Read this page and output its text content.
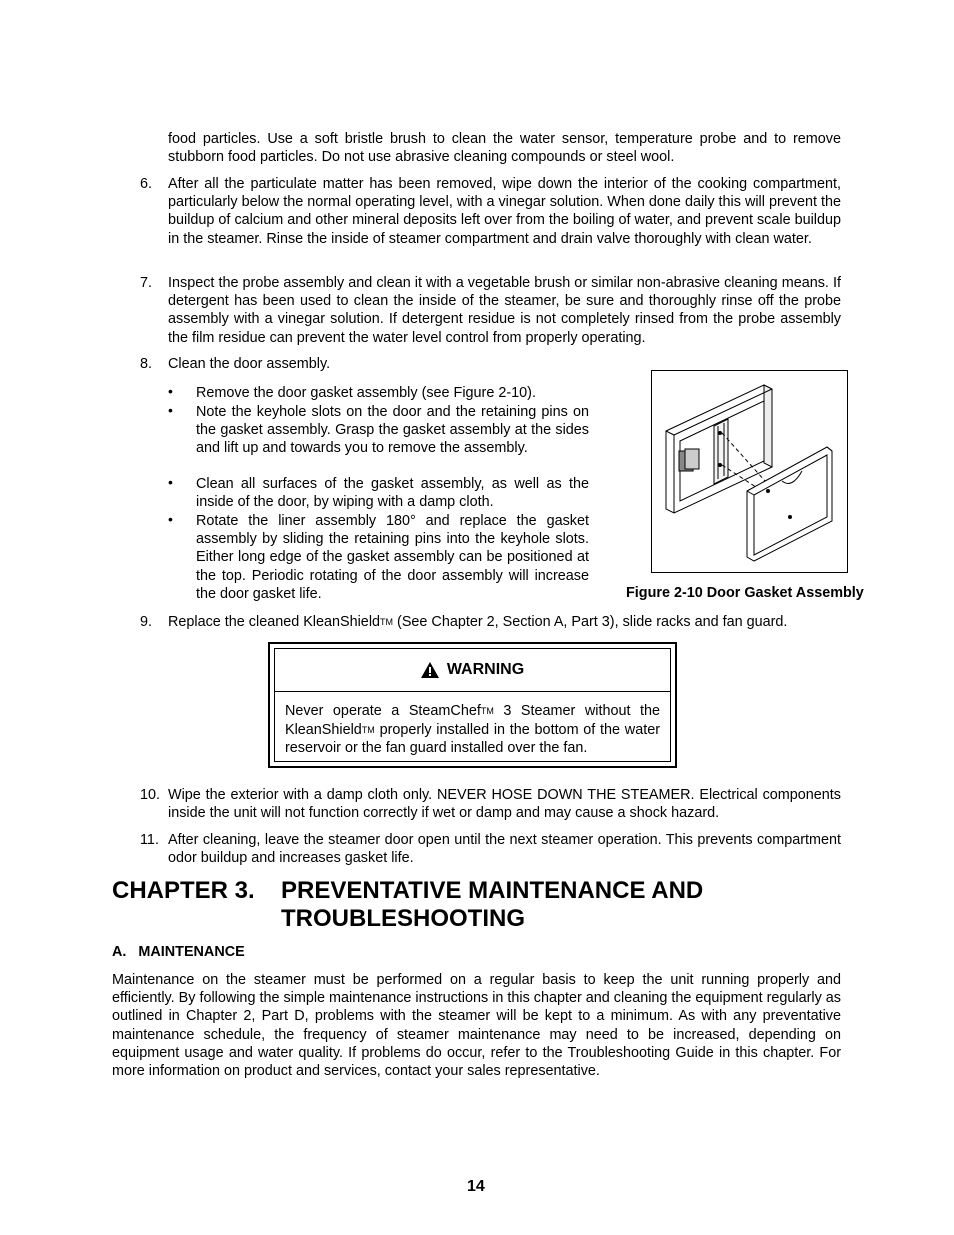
food particles. Use a soft bristle brush to clean the water sensor, temperature probe and to remove stubborn food particles. Do not use abrasive cleaning compounds or steel wool.
6.	After all the particulate matter has been removed, wipe down the interior of the cooking compartment, particularly below the normal operating level, with a vinegar solution. When done daily this will prevent the buildup of calcium and other mineral deposits left over from the boiling of water, and prevent scale buildup in the steamer. Rinse the inside of steamer compartment and drain valve thoroughly with clean water.
7.	Inspect the probe assembly and clean it with a vegetable brush or similar non-abrasive cleaning means. If detergent has been used to clean the inside of the steamer, be sure and thoroughly rinse off the probe assembly with a vinegar solution. If detergent residue is not completely rinsed from the probe assembly the film residue can prevent the water level control from properly operating.
8.	Clean the door assembly.
• Remove the door gasket assembly (see Figure 2-10).
• Note the keyhole slots on the door and the retaining pins on the gasket assembly. Grasp the gasket assembly at the sides and lift up and towards you to remove the assembly.
• Clean all surfaces of the gasket assembly, as well as the inside of the door, by wiping with a damp cloth.
• Rotate the liner assembly 180° and replace the gasket assembly by sliding the retaining pins into the keyhole slots. Either long edge of the gasket assembly can be positioned at the top. Periodic rotating of the door assembly will increase the door gasket life.	Figure 2-10 Door Gasket Assembly
9.	Replace the cleaned KleanShieldTM (See Chapter 2, Section A, Part 3), slide racks and fan guard.
WARNING
Never operate a SteamChefTM 3 Steamer without the KleanShieldTM properly installed in the bottom of the water reservoir or the fan guard installed over the fan.
10. Wipe the exterior with a damp cloth only. NEVER HOSE DOWN THE STEAMER. Electrical components inside the unit will not function correctly if wet or damp and may cause a shock hazard.
11. After cleaning, leave the steamer door open until the next steamer operation. This prevents compartment odor buildup and increases gasket life.
CHAPTER 3. PREVENTATIVE MAINTENANCE AND
TROUBLESHOOTING
A.   MAINTENANCE
Maintenance on the steamer must be performed on a regular basis to keep the unit running properly and efficiently. By following the simple maintenance instructions in this chapter and cleaning the equipment regularly as outlined in Chapter 2, Part D, problems with the steamer will be kept to a minimum. As with any preventative maintenance schedule, the frequency of steamer maintenance may need to be increased, depending on equipment usage and water quality. If problems do occur, refer to the Troubleshooting Guide in this chapter. For more information on product and services, contact your sales representative.
14
